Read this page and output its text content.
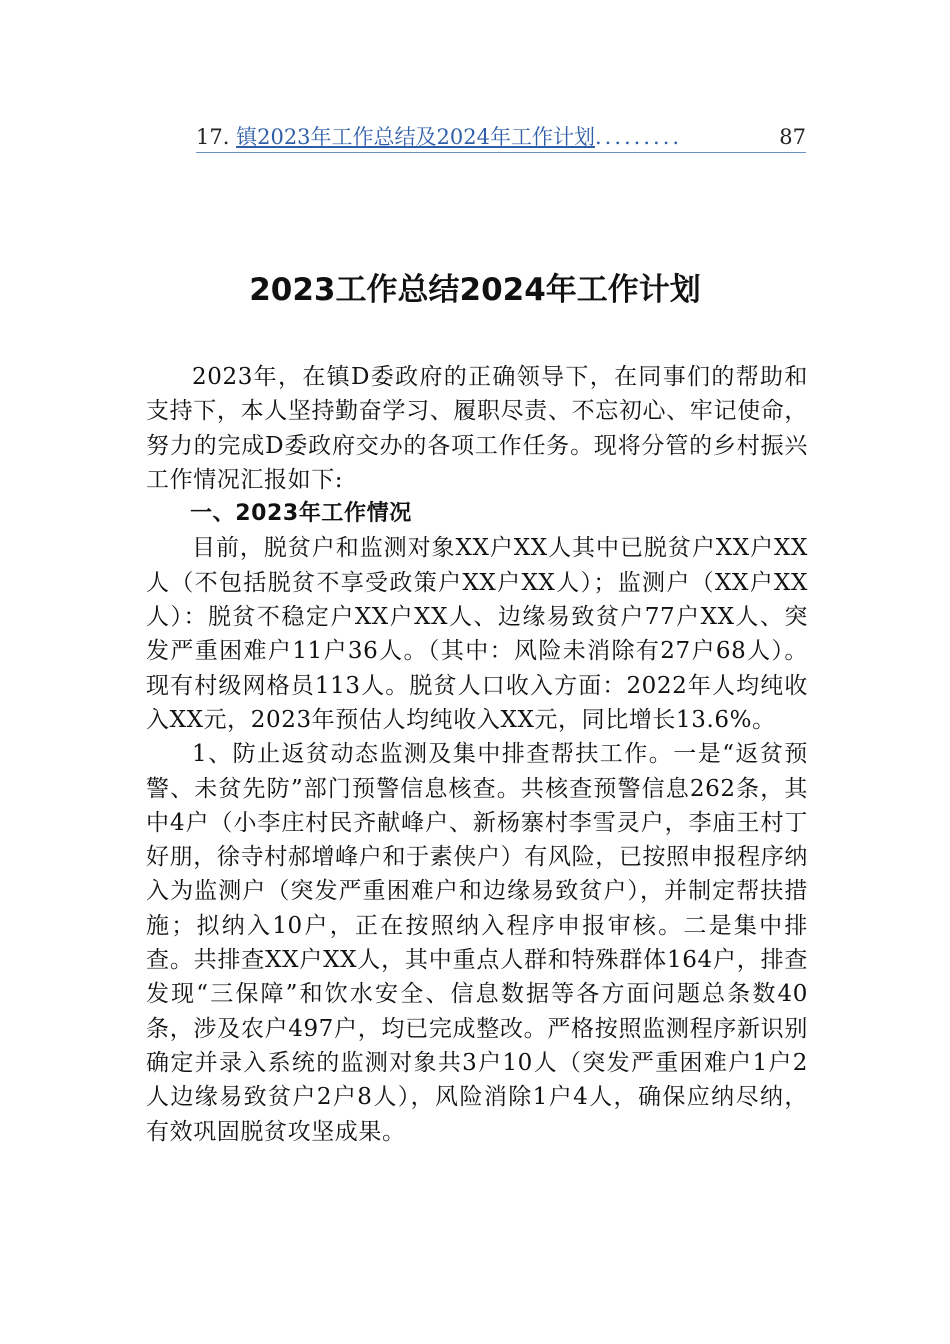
17. 镇2023年工作总结及2024年工作计划.........	87
2023工作总结2024年工作计划

2023年，在镇D委政府的正确领导下，在同事们的帮助和支持下，本人坚持勤奋学习、履职尽责、不忘初心、牢记使命，努力的完成D委政府交办的各项工作任务。现将分管的乡村振兴工作情况汇报如下:

一、2023年工作情况

目前，脱贫户和监测对象XX户XX人其中已脱贫户XX户XX人（不包括脱贫不享受政策户XX户XX人）；监测户（XX户XX人）：脱贫不稳定户XX户XX人、边缘易致贫户77户XX人、突发严重困难户11户36人。（其中：风险未消除有27户68人）。现有村级网格员113人。脱贫人口收入方面：2022年人均纯收入XX元，2023年预估人均纯收入XX元，同比增长13.6%。

1、防止返贫动态监测及集中排查帮扶工作。一是“返贫预警、未贫先防”部门预警信息核查。共核查预警信息262条，其中4户（小李庄村民齐献峰户、新杨寨村李雪灵户，李庙王村丁好朋，徐寺村郝增峰户和于素侠户）有风险，已按照申报程序纳入为监测户（突发严重困难户和边缘易致贫户），并制定帮扶措施；拟纳入10户，正在按照纳入程序申报审核。二是集中排查。共排查XX户XX人，其中重点人群和特殊群体164户，排查发现“三保障”和饮水安全、信息数据等各方面问题总条数40条，涉及农户497户，均已完成整改。严格按照监测程序新识别确定并录入系统的监测对象共3户10人（突发严重困难户1户2人边缘易致贫户2户8人），风险消除1户4人，确保应纳尽纳，有效巩固脱贫攻坚成果。
